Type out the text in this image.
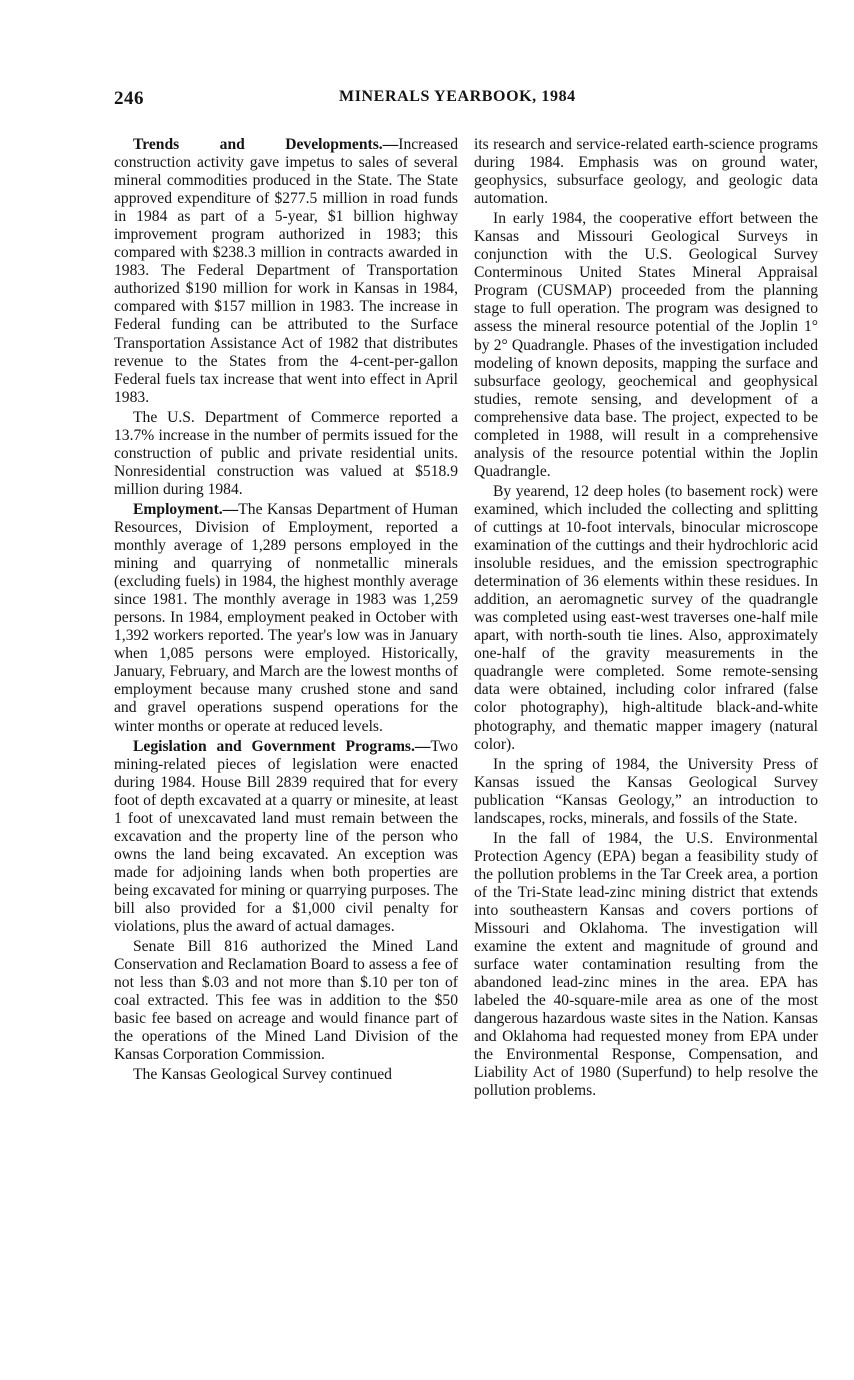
246	MINERALS YEARBOOK, 1984

Trends and Developments.—Increased construction activity gave impetus to sales of several mineral commodities produced in the State. The State approved expenditure of $277.5 million in road funds in 1984 as part of a 5-year, $1 billion highway improvement program authorized in 1983; this compared with $238.3 million in contracts awarded in 1983. The Federal Department of Transportation authorized $190 million for work in Kansas in 1984, compared with $157 million in 1983. The increase in Federal funding can be attributed to the Surface Transportation Assistance Act of 1982 that distributes revenue to the States from the 4-cent-per-gallon Federal fuels tax increase that went into effect in April 1983.

The U.S. Department of Commerce reported a 13.7% increase in the number of permits issued for the construction of public and private residential units. Nonresidential construction was valued at $518.9 million during 1984.

Employment.—The Kansas Department of Human Resources, Division of Employment, reported a monthly average of 1,289 persons employed in the mining and quarrying of nonmetallic minerals (excluding fuels) in 1984, the highest monthly average since 1981. The monthly average in 1983 was 1,259 persons. In 1984, employment peaked in October with 1,392 workers reported. The year's low was in January when 1,085 persons were employed. Historically, January, February, and March are the lowest months of employment because many crushed stone and sand and gravel operations suspend operations for the winter months or operate at reduced levels.

Legislation and Government Programs.—Two mining-related pieces of legislation were enacted during 1984. House Bill 2839 required that for every foot of depth excavated at a quarry or minesite, at least 1 foot of unexcavated land must remain between the excavation and the property line of the person who owns the land being excavated. An exception was made for adjoining lands when both properties are being excavated for mining or quarrying purposes. The bill also provided for a $1,000 civil penalty for violations, plus the award of actual damages.

Senate Bill 816 authorized the Mined Land Conservation and Reclamation Board to assess a fee of not less than $.03 and not more than $.10 per ton of coal extracted. This fee was in addition to the $50 basic fee based on acreage and would finance part of the operations of the Mined Land Division of the Kansas Corporation Commission.

The Kansas Geological Survey continued

its research and service-related earth-science programs during 1984. Emphasis was on ground water, geophysics, subsurface geology, and geologic data automation.

In early 1984, the cooperative effort between the Kansas and Missouri Geological Surveys in conjunction with the U.S. Geological Survey Conterminous United States Mineral Appraisal Program (CUSMAP) proceeded from the planning stage to full operation. The program was designed to assess the mineral resource potential of the Joplin 1° by 2° Quadrangle. Phases of the investigation included modeling of known deposits, mapping the surface and subsurface geology, geochemical and geophysical studies, remote sensing, and development of a comprehensive data base. The project, expected to be completed in 1988, will result in a comprehensive analysis of the resource potential within the Joplin Quadrangle.

By yearend, 12 deep holes (to basement rock) were examined, which included the collecting and splitting of cuttings at 10-foot intervals, binocular microscope examination of the cuttings and their hydrochloric acid insoluble residues, and the emission spectrographic determination of 36 elements within these residues. In addition, an aeromagnetic survey of the quadrangle was completed using east-west traverses one-half mile apart, with north-south tie lines. Also, approximately one-half of the gravity measurements in the quadrangle were completed. Some remote-sensing data were obtained, including color infrared (false color photography), high-altitude black-and-white photography, and thematic mapper imagery (natural color).

In the spring of 1984, the University Press of Kansas issued the Kansas Geological Survey publication “Kansas Geology,” an introduction to landscapes, rocks, minerals, and fossils of the State.

In the fall of 1984, the U.S. Environmental Protection Agency (EPA) began a feasibility study of the pollution problems in the Tar Creek area, a portion of the Tri-State lead-zinc mining district that extends into southeastern Kansas and covers portions of Missouri and Oklahoma. The investigation will examine the extent and magnitude of ground and surface water contamination resulting from the abandoned lead-zinc mines in the area. EPA has labeled the 40-square-mile area as one of the most dangerous hazardous waste sites in the Nation. Kansas and Oklahoma had requested money from EPA under the Environmental Response, Compensation, and Liability Act of 1980 (Superfund) to help resolve the pollution problems.
